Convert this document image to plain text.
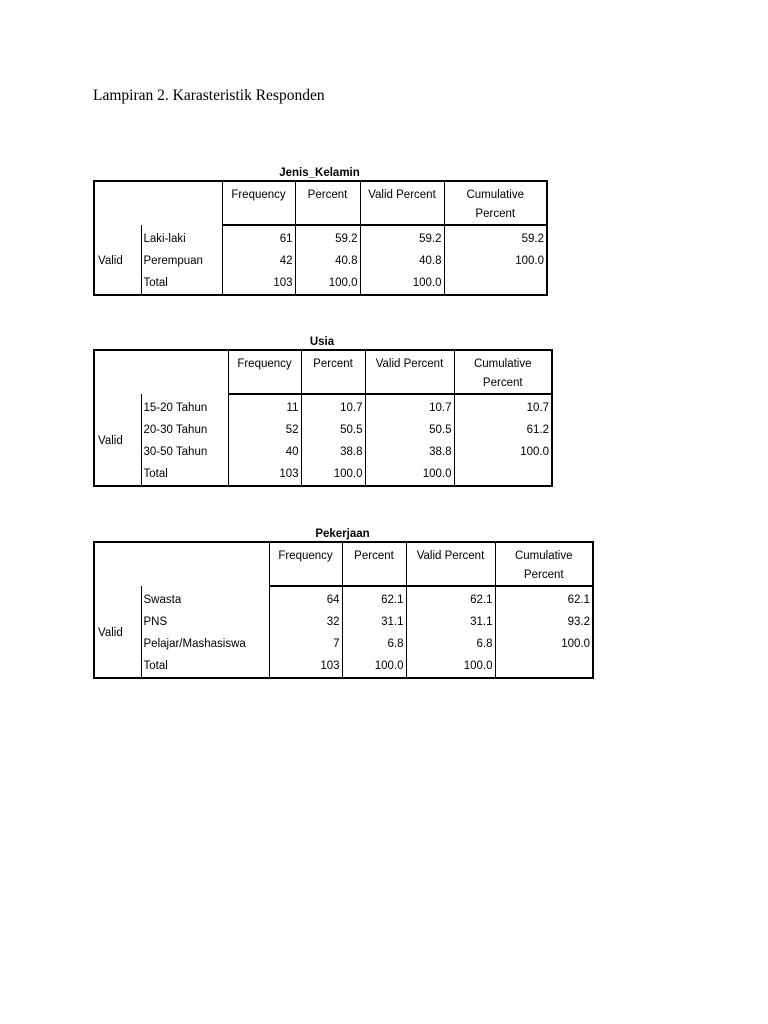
Lampiran 2. Karasteristik Responden
Jenis_Kelamin
		Frequency	Percent	Valid Percent	Cumulative Percent
Valid	Laki-laki	61	59.2	59.2	59.2
	Perempuan	42	40.8	40.8	100.0
	Total	103	100.0	100.0	
Usia
		Frequency	Percent	Valid Percent	Cumulative Percent
Valid	15-20 Tahun	11	10.7	10.7	10.7
	20-30 Tahun	52	50.5	50.5	61.2
	30-50 Tahun	40	38.8	38.8	100.0
	Total	103	100.0	100.0	
Pekerjaan
		Frequency	Percent	Valid Percent	Cumulative Percent
Valid	Swasta	64	62.1	62.1	62.1
	PNS	32	31.1	31.1	93.2
	Pelajar/Mashasiswa	7	6.8	6.8	100.0
	Total	103	100.0	100.0	
